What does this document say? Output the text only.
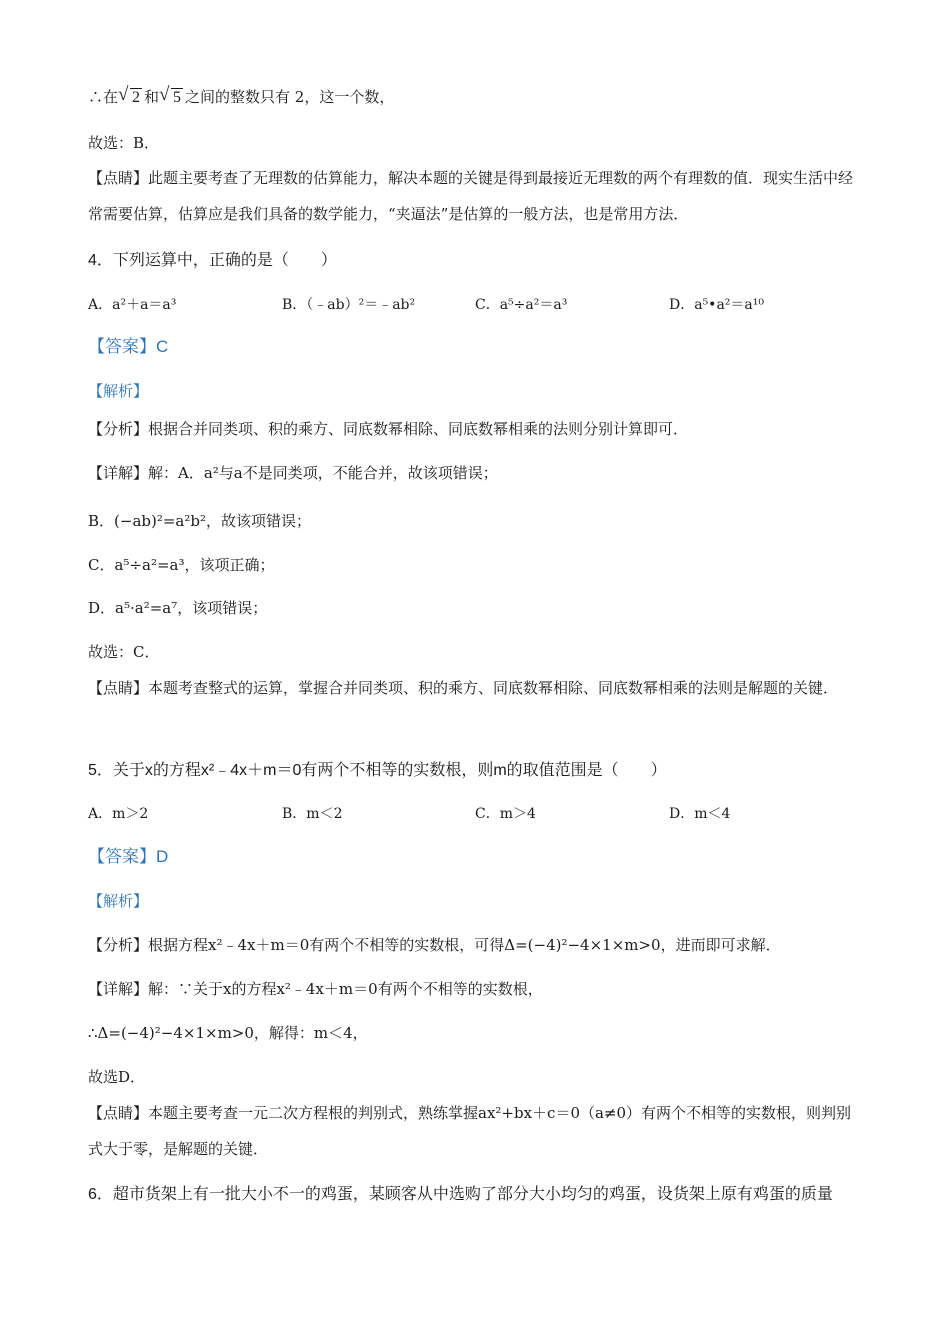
∴在 √ 2 和 √ 5 之间的整数只有 2，这一个数，
故选：B．
【点睛】此题主要考查了无理数的估算能力，解决本题的关键是得到最接近无理数的两个有理数的值．现实生活中经常需要估算，估算应是我们具备的数学能力，“夹逼法”是估算的一般方法，也是常用方法．
4．下列运算中，正确的是（　　）
A．a²＋a＝a³	B．（﹣ab）²＝﹣ab²	C．a⁵÷a²＝a³	D．a⁵•a²＝a¹⁰
【答案】C
【解析】
【分析】根据合并同类项、积的乘方、同底数幂相除、同底数幂相乘的法则分别计算即可．
【详解】解：A．a²与a不是同类项，不能合并，故该项错误；
B．(−ab)²=a²b²，故该项错误；
C．a⁵÷a²=a³，该项正确；
D．a⁵·a²=a⁷，该项错误；
故选：C．
【点睛】本题考查整式的运算，掌握合并同类项、积的乘方、同底数幂相除、同底数幂相乘的法则是解题的关键．
5．关于x的方程x²﹣4x＋m＝0有两个不相等的实数根，则m的取值范围是（　　）
A．m＞2	B．m＜2	C．m＞4	D．m＜4
【答案】D
【解析】
【分析】根据方程x²﹣4x＋m＝0有两个不相等的实数根，可得Δ=(−4)²−4×1×m>0，进而即可求解．
【详解】解：∵关于x的方程x²﹣4x＋m＝0有两个不相等的实数根，
∴Δ=(−4)²−4×1×m>0，解得：m＜4，
故选D．
【点睛】本题主要考查一元二次方程根的判别式，熟练掌握ax²+bx＋c＝0（a≠0）有两个不相等的实数根，则判别式大于零，是解题的关键．
6．超市货架上有一批大小不一的鸡蛋，某顾客从中选购了部分大小均匀的鸡蛋，设货架上原有鸡蛋的质量
